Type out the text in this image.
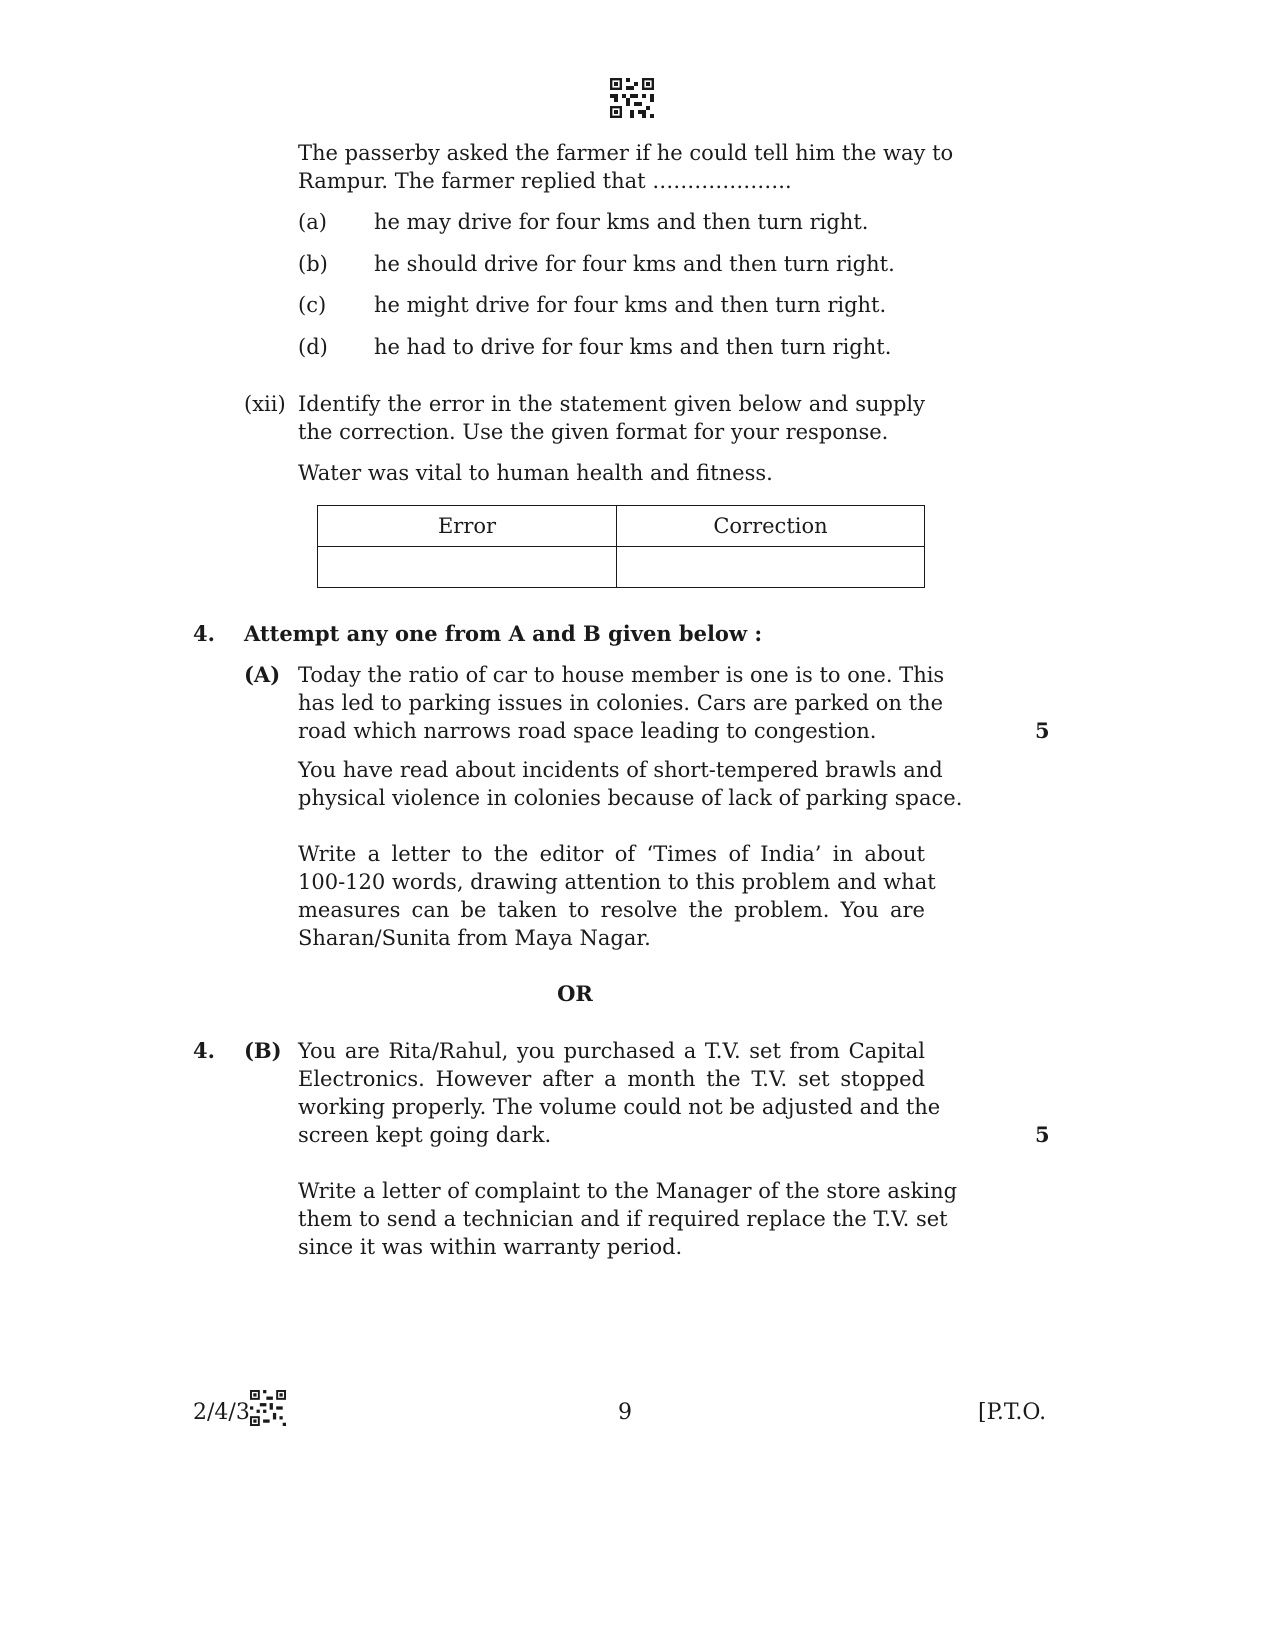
The passerby asked the farmer if he could tell him the way to
Rampur. The farmer replied that ………………..
(a) he may drive for four kms and then turn right.
(b) he should drive for four kms and then turn right.
(c) he might drive for four kms and then turn right.
(d) he had to drive for four kms and then turn right.
(xii) Identify the error in the statement given below and supply
the correction. Use the given format for your response.
Water was vital to human health and fitness.
Error	Correction

4. Attempt any one from A and B given below :
(A) Today the ratio of car to house member is one is to one. This
has led to parking issues in colonies. Cars are parked on the
road which narrows road space leading to congestion.	5
You have read about incidents of short-tempered brawls and
physical violence in colonies because of lack of parking space.
Write a letter to the editor of ‘Times of India’ in about
100-120 words, drawing attention to this problem and what
measures can be taken to resolve the problem. You are
Sharan/Sunita from Maya Nagar.
OR
4. (B) You are Rita/Rahul, you purchased a T.V. set from Capital
Electronics. However after a month the T.V. set stopped
working properly. The volume could not be adjusted and the
screen kept going dark.	5
Write a letter of complaint to the Manager of the store asking
them to send a technician and if required replace the T.V. set
since it was within warranty period.
2/4/3	9	[P.T.O.
